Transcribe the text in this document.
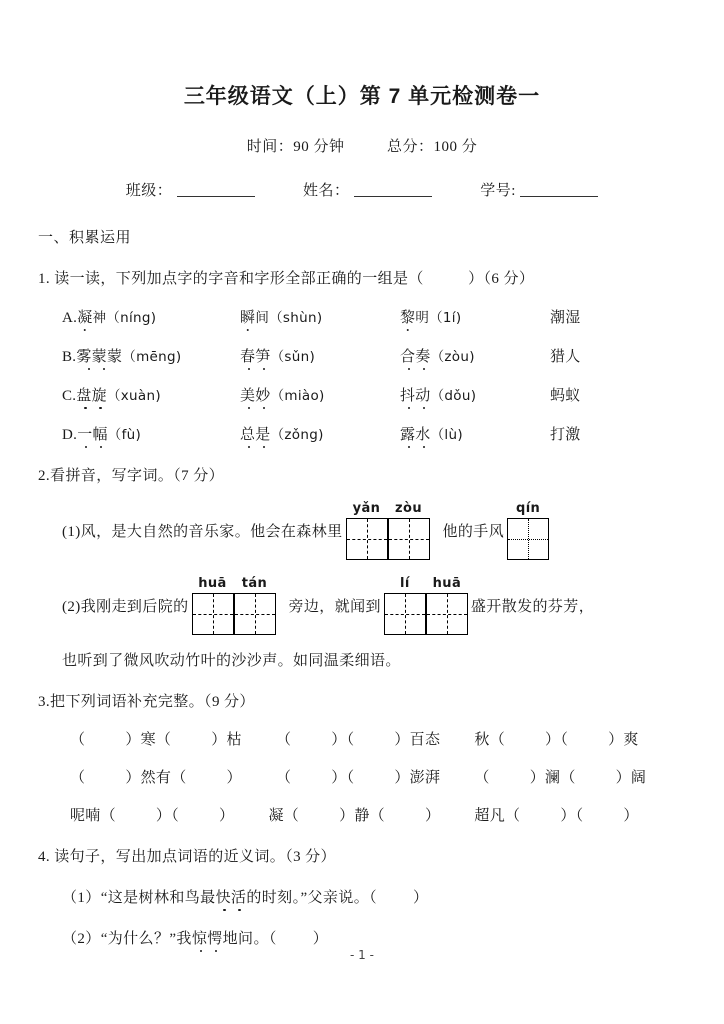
三年级语文（上）第 7 单元检测卷一
时间：90 分钟	总分：100 分
班级：	姓名：	学号:
一、积累运用
1. 读一读，下列加点字的字音和字形全部正确的一组是（	）（6 分）
A.凝神（níng)	瞬间（shùn)	黎明（1í)	潮湿
B.雾蒙蒙（mēng)	春笋（sǔn)	合奏（zòu)	猎人
C.盘旋（xuàn)	美妙（miào)	抖动（dǒu)	蚂蚁
D.一幅（fù)	总是（zǒng)	露水（lù)	打激
2.看拼音，写字词。（7 分）
(1)风，是大自然的音乐家。他会在森林里
yǎn	zòu
他的手风
qín
(2)我刚走到后院的
huā	tán
旁边，就闻到
lí	huā
盛开散发的芬芳，
也听到了微风吹动竹叶的沙沙声。如同温柔细语。
3.把下列词语补充完整。（9 分）
（	）寒（	）枯 （	）（	）百态 秋（	）（	）爽
（	）然有（	） （	）（	）澎湃 （	）澜（	）阔
呢喃（	）（	） 凝（	）静（	） 超凡（	）（	）
4. 读句子，写出加点词语的近义词。（3 分）
（1）“这是树林和鸟最快活的时刻。”父亲说。（ ）
（2）“为什么？”我惊愕地问。（ ）
- 1 -
